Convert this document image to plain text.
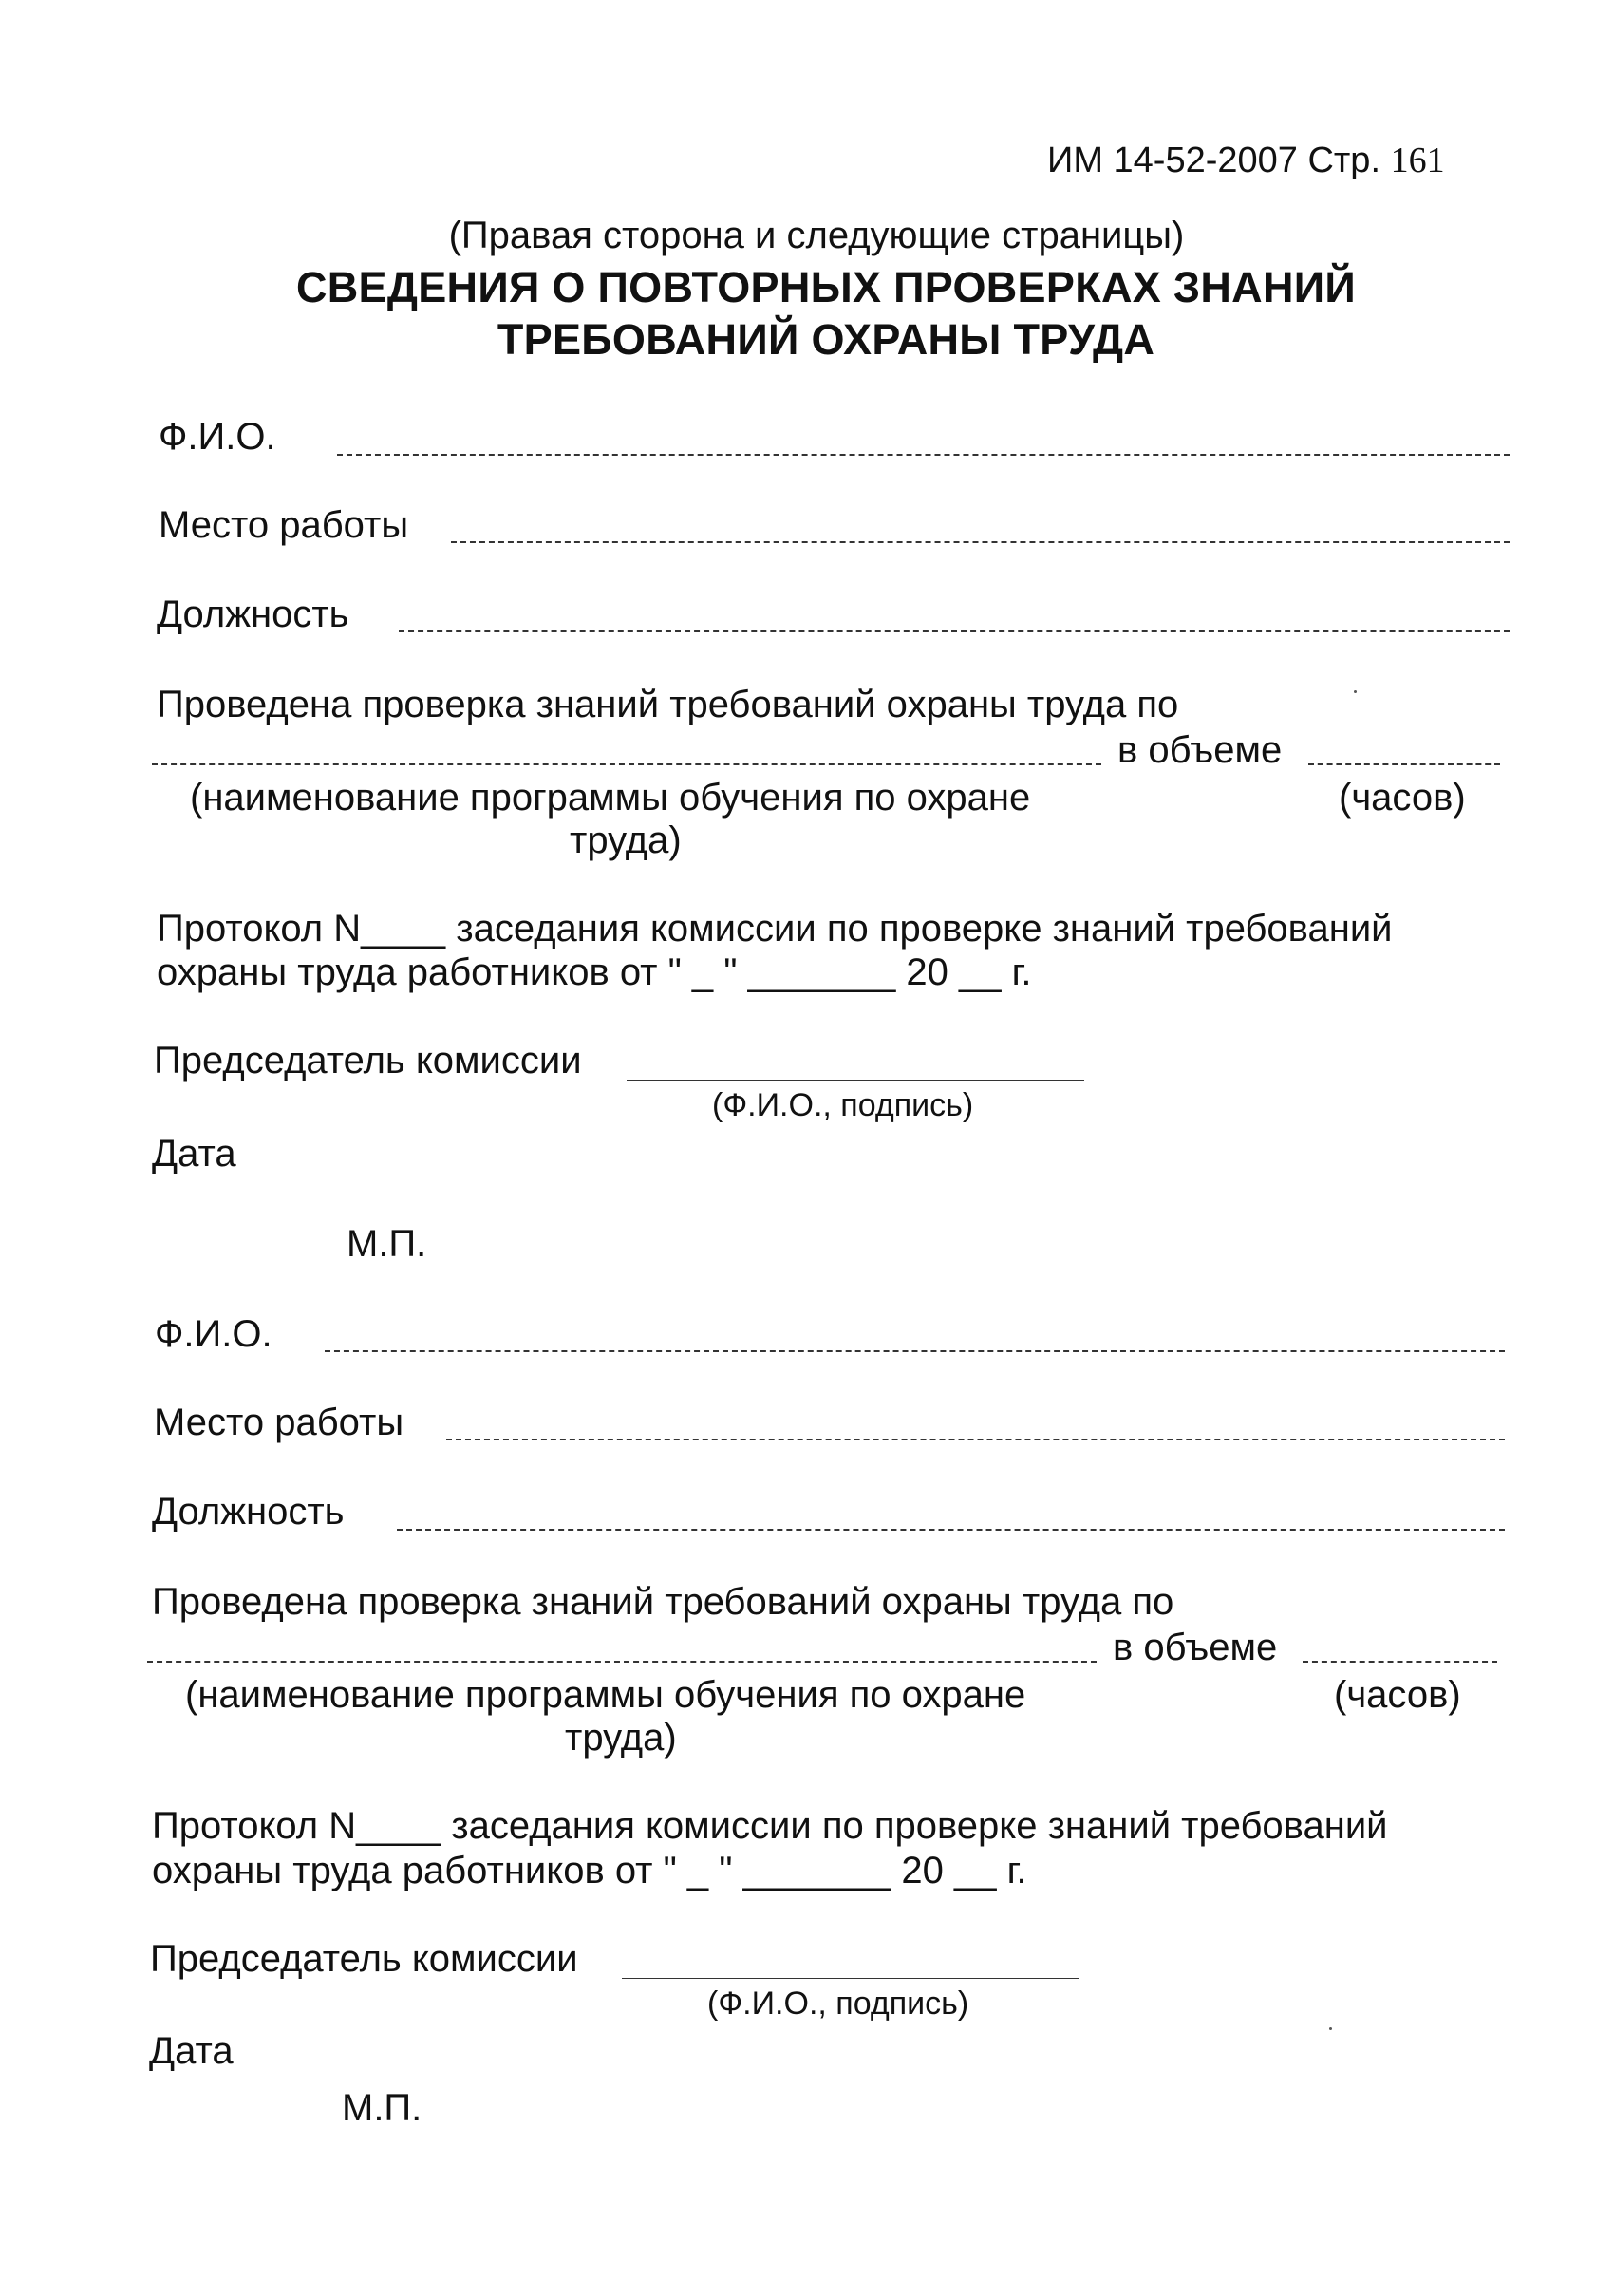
ИМ 14-52-2007 Стр. 161
(Правая сторона и следующие страницы)
СВЕДЕНИЯ О ПОВТОРНЫХ ПРОВЕРКАХ ЗНАНИЙ
ТРЕБОВАНИЙ ОХРАНЫ ТРУДА
Ф.И.О.
Место работы
Должность
Проведена проверка знаний требований охраны труда по
в объеме
(наименование программы обучения по охране	(часов)
труда)
Протокол N____ заседания комиссии по проверке знаний требований
охраны труда работников от " _ " _______ 20 __ г.
Председатель комиссии
(Ф.И.О., подпись)
Дата
М.П.
Ф.И.О.
Место работы
Должность
Проведена проверка знаний требований охраны труда по
в объеме
(наименование программы обучения по охране	(часов)
труда)
Протокол N____ заседания комиссии по проверке знаний требований
охраны труда работников от " _ " _______ 20 __ г.
Председатель комиссии
(Ф.И.О., подпись)
Дата
М.П.
